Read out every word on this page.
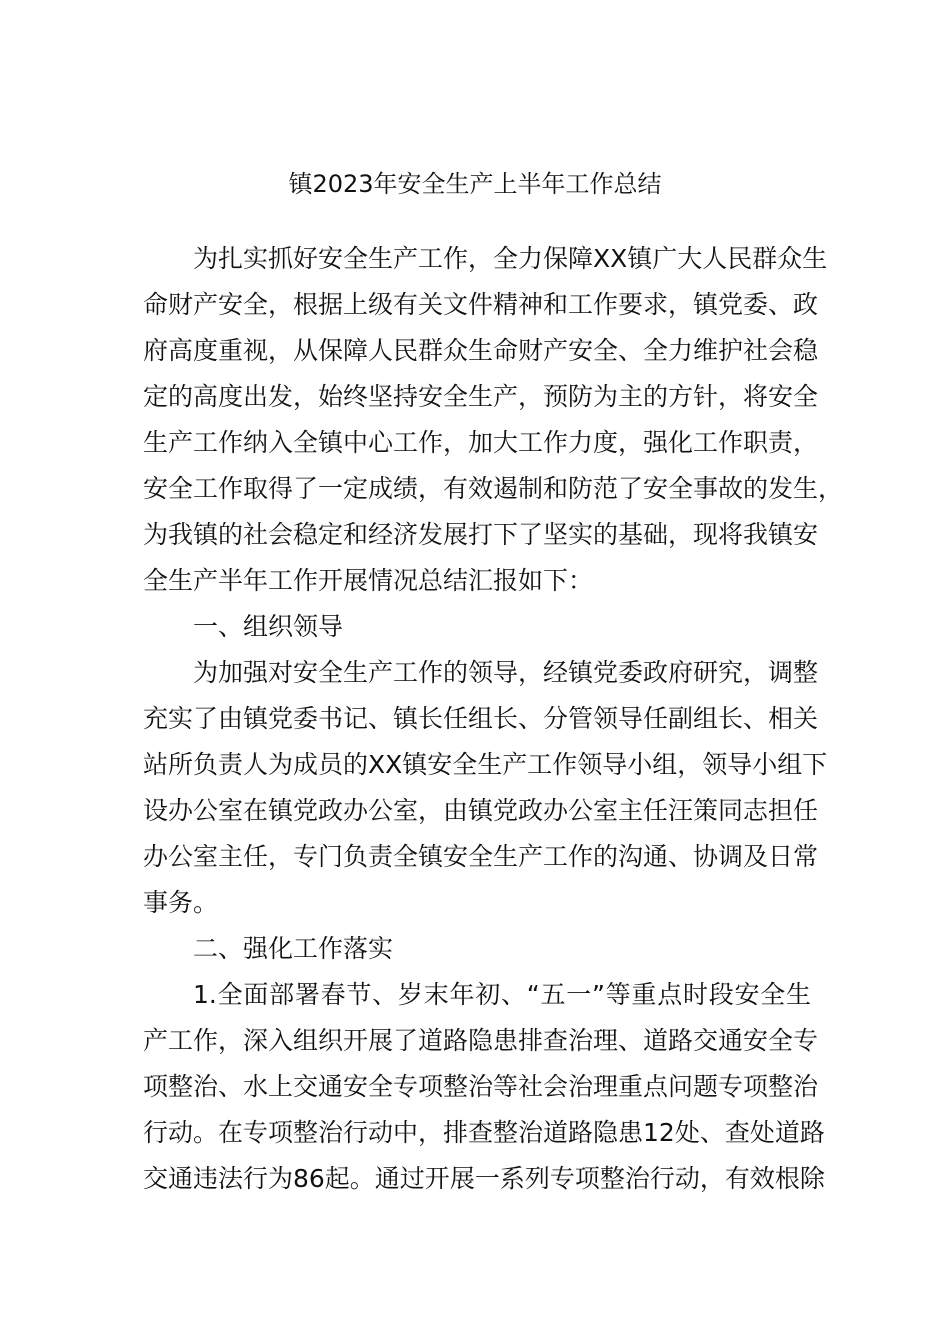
镇2023年安全生产上半年工作总结
为扎实抓好安全生产工作，全力保障XX镇广大人民群众生
命财产安全，根据上级有关文件精神和工作要求，镇党委、政
府高度重视，从保障人民群众生命财产安全、全力维护社会稳
定的高度出发，始终坚持安全生产，预防为主的方针，将安全
生产工作纳入全镇中心工作，加大工作力度，强化工作职责，
安全工作取得了一定成绩，有效遏制和防范了安全事故的发生，
为我镇的社会稳定和经济发展打下了坚实的基础，现将我镇安
全生产半年工作开展情况总结汇报如下：
一、组织领导
为加强对安全生产工作的领导，经镇党委政府研究，调整
充实了由镇党委书记、镇长任组长、分管领导任副组长、相关
站所负责人为成员的XX镇安全生产工作领导小组，领导小组下
设办公室在镇党政办公室，由镇党政办公室主任汪策同志担任
办公室主任，专门负责全镇安全生产工作的沟通、协调及日常
事务。
二、强化工作落实
1.全面部署春节、岁末年初、“五一”等重点时段安全生
产工作，深入组织开展了道路隐患排查治理、道路交通安全专
项整治、水上交通安全专项整治等社会治理重点问题专项整治
行动。在专项整治行动中，排查整治道路隐患12处、查处道路
交通违法行为86起。通过开展一系列专项整治行动，有效根除
